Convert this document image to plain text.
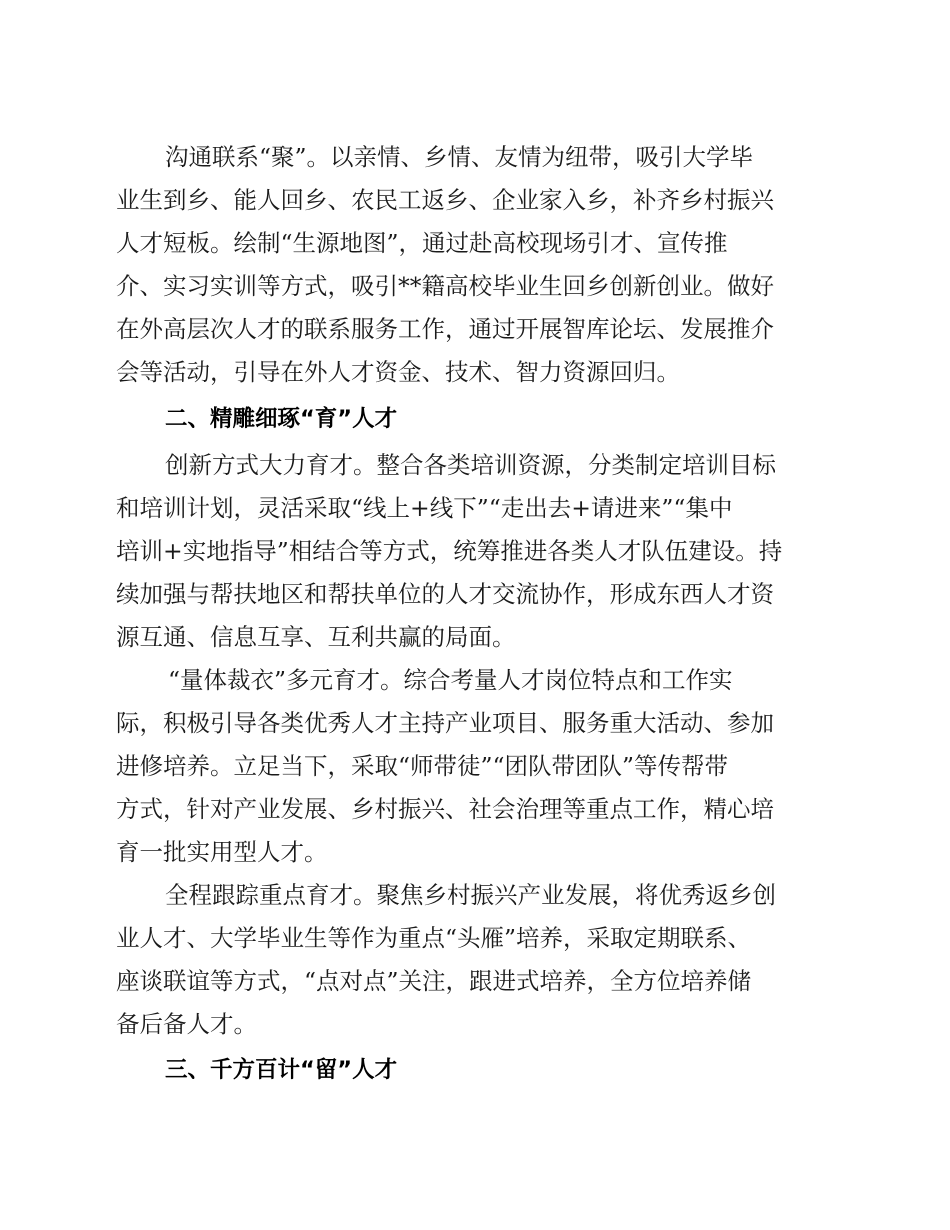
沟通联系“聚”。以亲情、乡情、友情为纽带，吸引大学毕
业生到乡、能人回乡、农民工返乡、企业家入乡，补齐乡村振兴
人才短板。绘制“生源地图”，通过赴高校现场引才、宣传推
介、实习实训等方式，吸引**籍高校毕业生回乡创新创业。做好
在外高层次人才的联系服务工作，通过开展智库论坛、发展推介
会等活动，引导在外人才资金、技术、智力资源回归。
二、精雕细琢“育”人才
创新方式大力育才。整合各类培训资源，分类制定培训目标
和培训计划，灵活采取“线上+线下”“走出去+请进来”“集中
培训+实地指导”相结合等方式，统筹推进各类人才队伍建设。持
续加强与帮扶地区和帮扶单位的人才交流协作，形成东西人才资
源互通、信息互享、互利共赢的局面。
“量体裁衣”多元育才。综合考量人才岗位特点和工作实
际，积极引导各类优秀人才主持产业项目、服务重大活动、参加
进修培养。立足当下，采取“师带徒”“团队带团队”等传帮带
方式，针对产业发展、乡村振兴、社会治理等重点工作，精心培
育一批实用型人才。
全程跟踪重点育才。聚焦乡村振兴产业发展，将优秀返乡创
业人才、大学毕业生等作为重点“头雁”培养，采取定期联系、
座谈联谊等方式，“点对点”关注，跟进式培养，全方位培养储
备后备人才。
三、千方百计“留”人才
